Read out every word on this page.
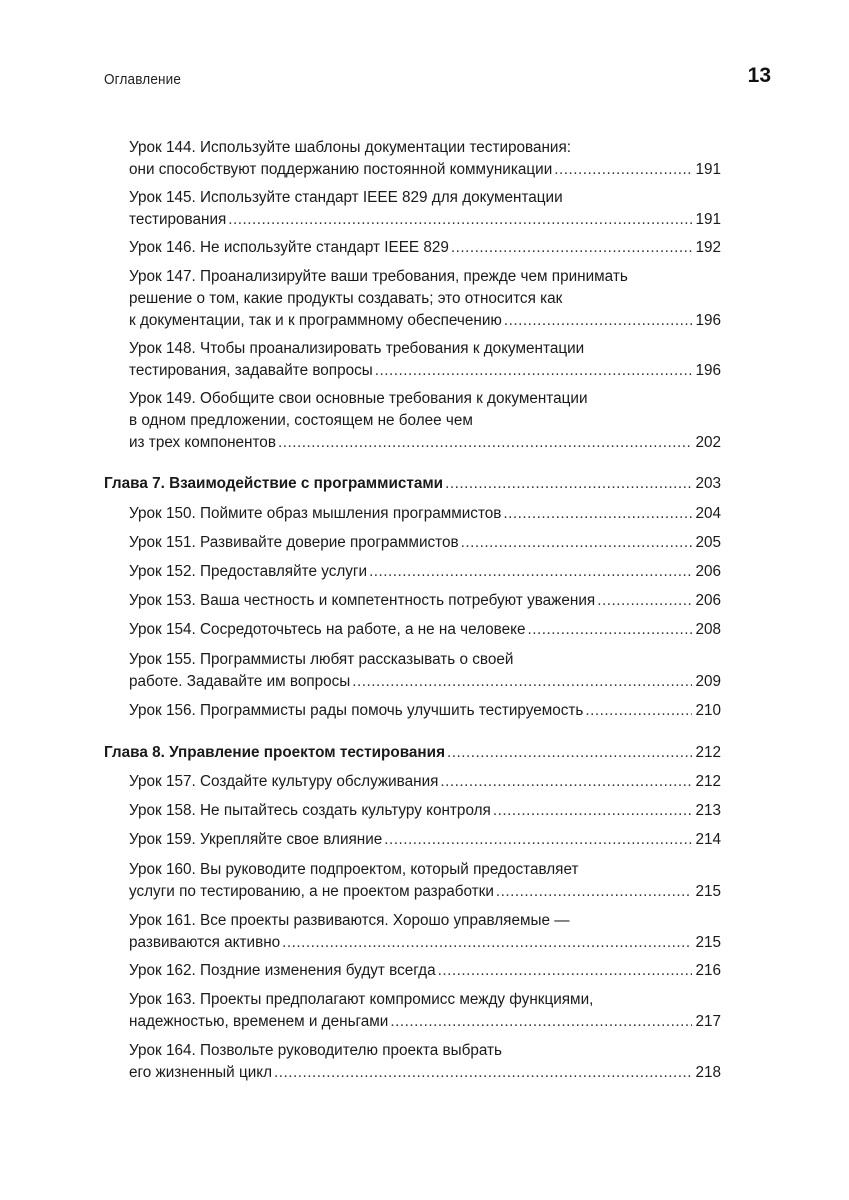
Оглавление	13
Урок 144. Используйте шаблоны документации тестирования:
они способствуют поддержанию постоянной коммуникации .....	191
Урок 145. Используйте стандарт IEEE 829 для документации
тестирования .....	191
Урок 146. Не используйте стандарт IEEE 829 .....	192
Урок 147. Проанализируйте ваши требования, прежде чем принимать
решение о том, какие продукты создавать; это относится как
к документации, так и к программному обеспечению .....	196
Урок 148. Чтобы проанализировать требования к документации
тестирования, задавайте вопросы .....	196
Урок 149. Обобщите свои основные требования к документации
в одном предложении, состоящем не более чем
из трех компонентов .....	202
Глава 7. Взаимодействие с программистами .....	203
Урок 150. Поймите образ мышления программистов .....	204
Урок 151. Развивайте доверие программистов .....	205
Урок 152. Предоставляйте услуги .....	206
Урок 153. Ваша честность и компетентность потребуют уважения .....	206
Урок 154. Сосредоточьтесь на работе, а не на человеке .....	208
Урок 155. Программисты любят рассказывать о своей
работе. Задавайте им вопросы .....	209
Урок 156. Программисты рады помочь улучшить тестируемость .....	210
Глава 8. Управление проектом тестирования .....	212
Урок 157. Создайте культуру обслуживания .....	212
Урок 158. Не пытайтесь создать культуру контроля .....	213
Урок 159. Укрепляйте свое влияние .....	214
Урок 160. Вы руководите подпроектом, который предоставляет
услуги по тестированию, а не проектом разработки .....	215
Урок 161. Все проекты развиваются. Хорошо управляемые —
развиваются активно .....	215
Урок 162. Поздние изменения будут всегда .....	216
Урок 163. Проекты предполагают компромисс между функциями,
надежностью, временем и деньгами .....	217
Урок 164. Позвольте руководителю проекта выбрать
его жизненный цикл .....	218
